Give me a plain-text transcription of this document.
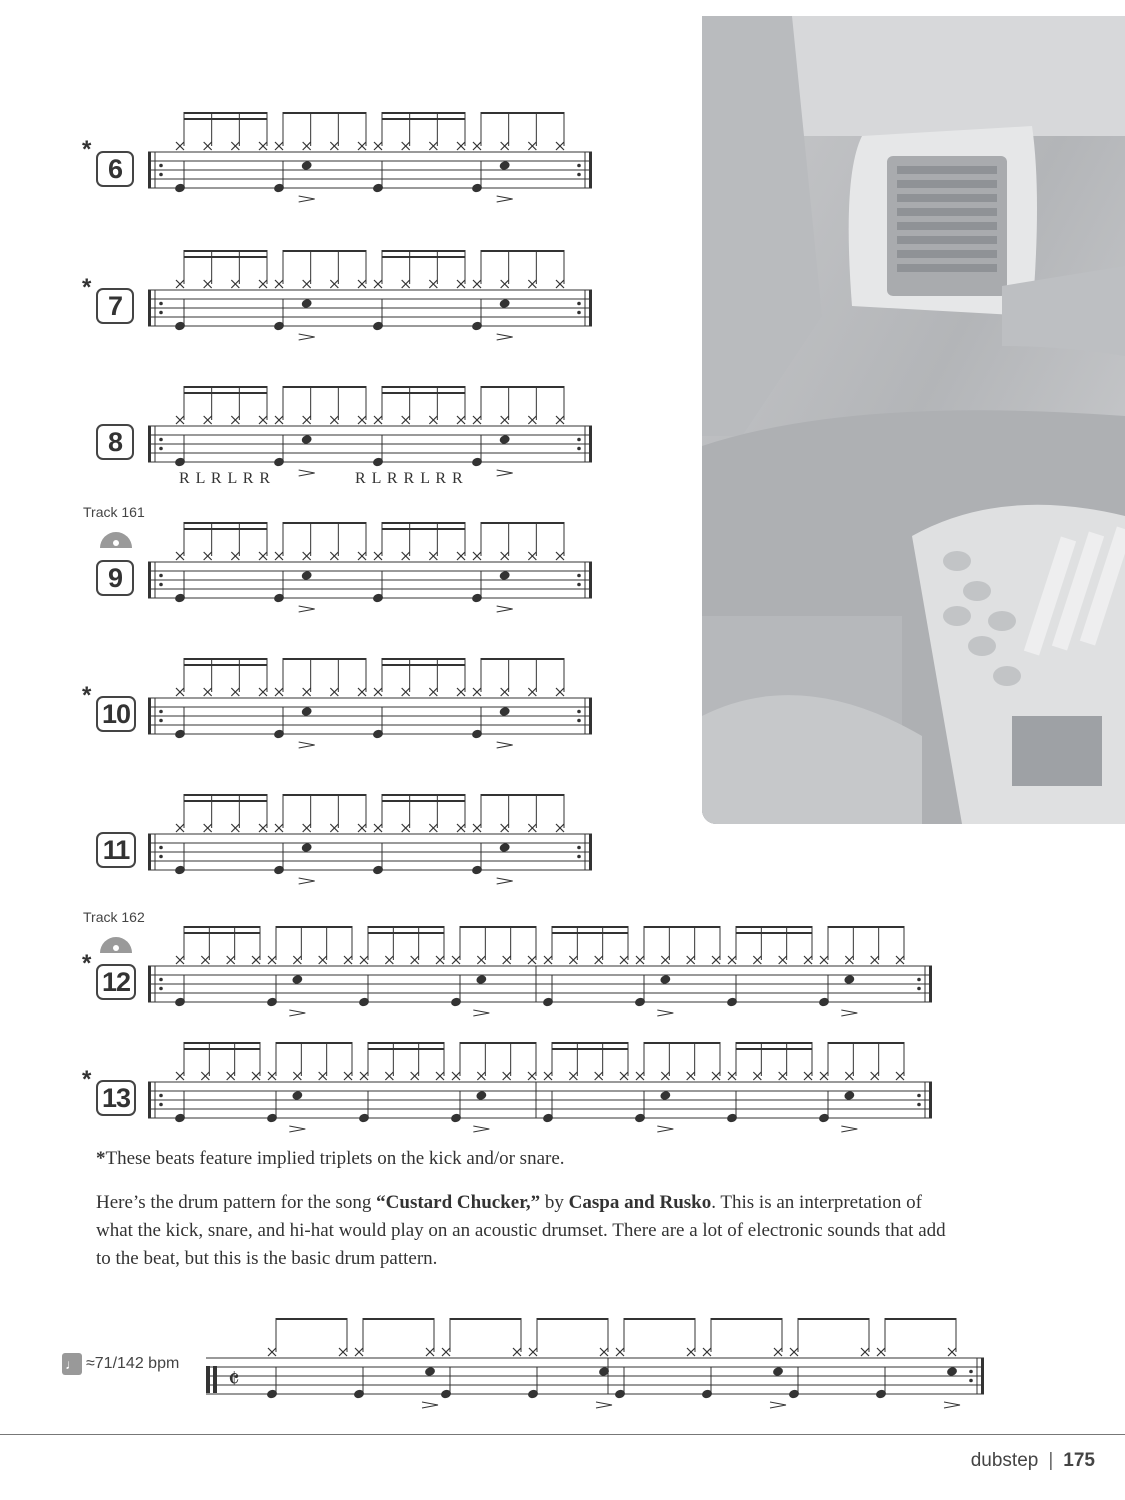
*
6
*
7
8
R L R L R R	R L R R L R R
Track 161
9
*
10
11
Track 162
*
12
*
13
*These beats feature implied triplets on the kick and/or snare.
Here’s the drum pattern for the song “Custard Chucker,” by Caspa and Rusko. This is an interpretation of what the kick, snare, and hi-hat would play on an acoustic drumset. There are a lot of electronic sounds that add to the beat, but this is the basic drum pattern.
♩ ≈71/142 bpm
𝄵
dubstep | 175
